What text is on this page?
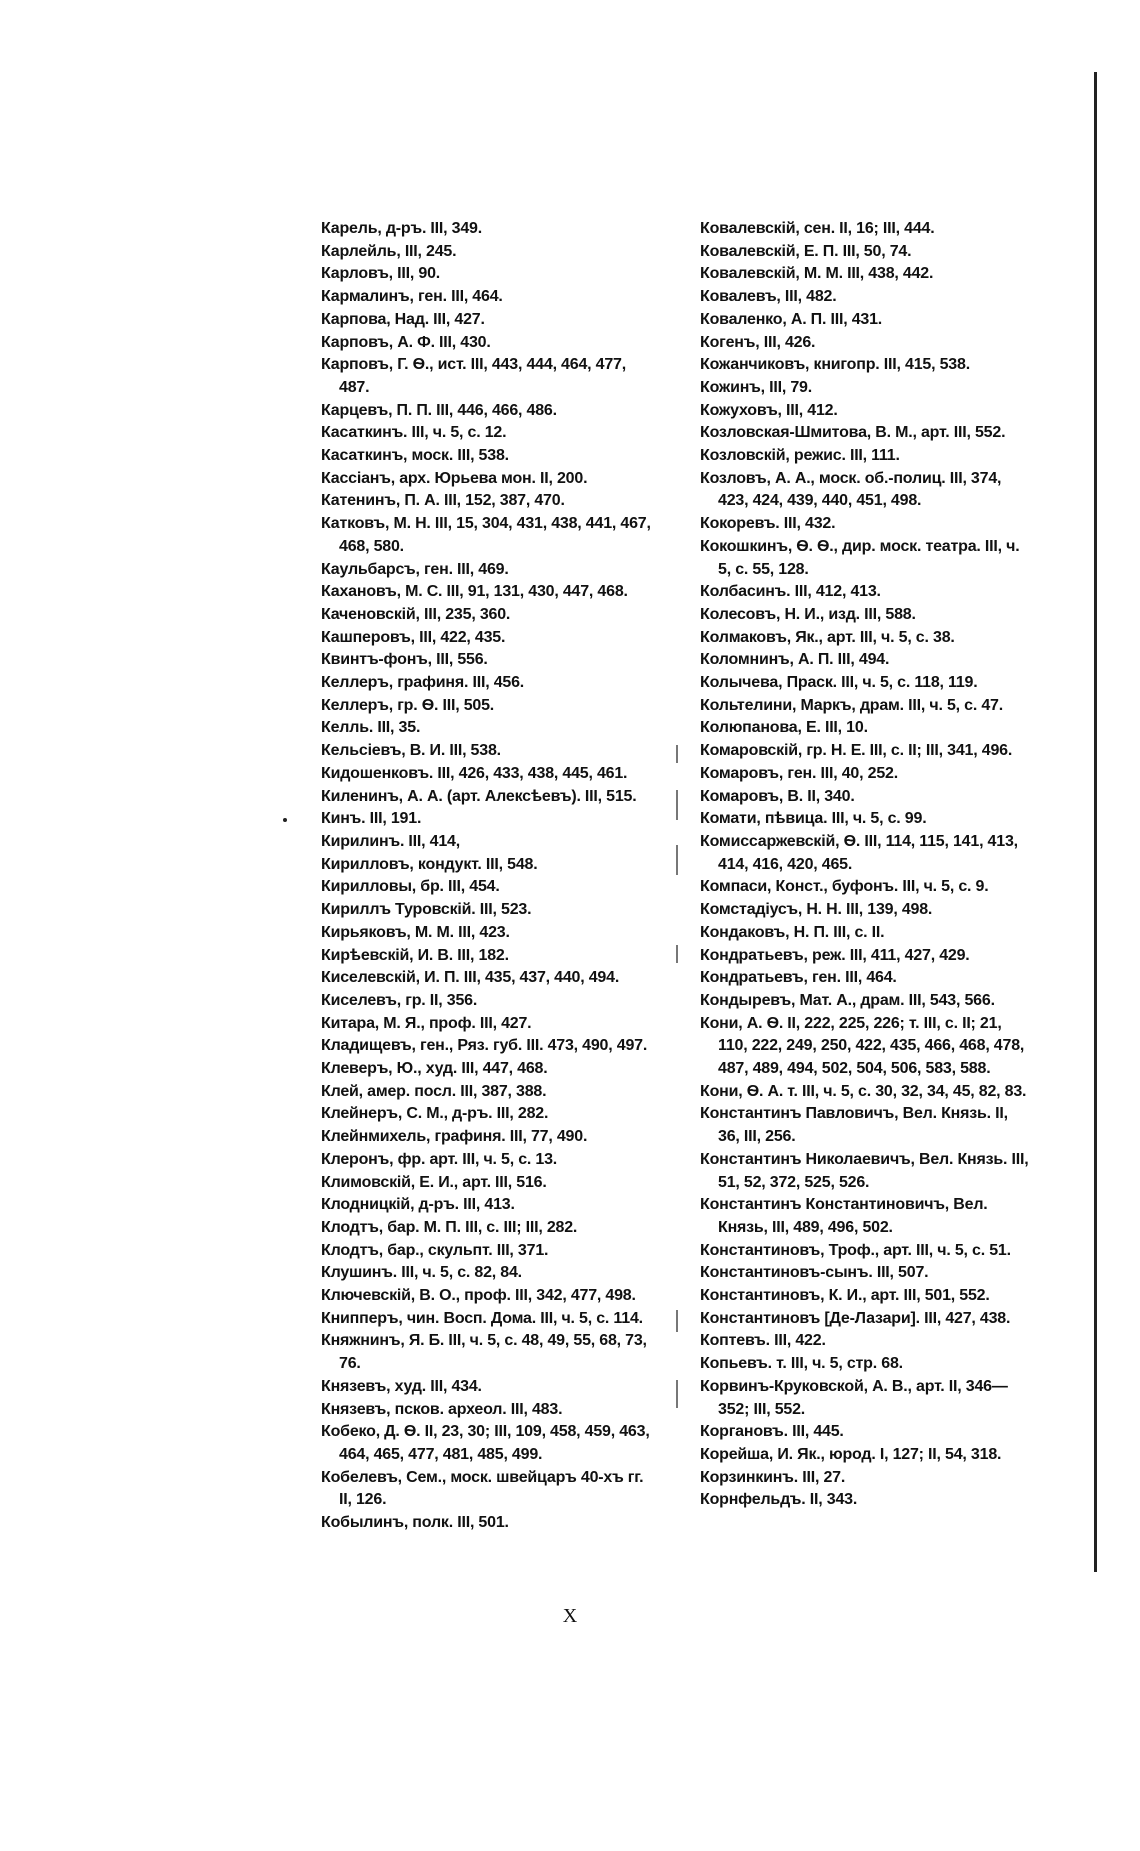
Карель, д-ръ. III, 349.

Карлейль, III, 245.

Карловъ, III, 90.

Кармалинъ, ген. III, 464.

Карпова, Над. III, 427.

Карповъ, А. Ф. III, 430.

Карповъ, Г. Ѳ., ист. III, 443, 444, 464, 477, 487.

Карцевъ, П. П. III, 446, 466, 486.

Касаткинъ. III, ч. 5, с. 12.

Касаткинъ, моск. III, 538.

Кассіанъ, арх. Юрьева мон. II, 200.

Катенинъ, П. А. III, 152, 387, 470.

Катковъ, М. Н. III, 15, 304, 431, 438, 441, 467, 468, 580.

Каульбарсъ, ген. III, 469.

Кахановъ, М. С. III, 91, 131, 430, 447, 468.

Каченовскій, III, 235, 360.

Кашперовъ, III, 422, 435.

Квинтъ-фонъ, III, 556.

Келлеръ, графиня. III, 456.

Келлеръ, гр. Ѳ. III, 505.

Келль. III, 35.

Кельсіевъ, В. И. III, 538.

Кидошенковъ. III, 426, 433, 438, 445, 461.

Киленинъ, А. А. (арт. Алексѣевъ). III, 515.

Кинъ. III, 191.

Кирилинъ. III, 414,

Кирилловъ, кондукт. III, 548.

Кирилловы, бр. III, 454.

Кириллъ Туровскій. III, 523.

Кирьяковъ, М. М. III, 423.

Кирѣевскій, И. В. III, 182.

Киселевскій, И. П. III, 435, 437, 440, 494.

Киселевъ, гр. II, 356.

Китара, М. Я., проф. III, 427.

Кладищевъ, ген., Ряз. губ. III. 473, 490, 497.

Клеверъ, Ю., худ. III, 447, 468.

Клей, амер. посл. III, 387, 388.

Клейнеръ, С. М., д-ръ. III, 282.

Клейнмихель, графиня. III, 77, 490.

Клеронъ, фр. арт. III, ч. 5, с. 13.

Климовскій, Е. И., арт. III, 516.

Клодницкій, д-ръ. III, 413.

Клодтъ, бар. М. П. III, с. III; III, 282.

Клодтъ, бар., скульпт. III, 371.

Клушинъ. III, ч. 5, с. 82, 84.

Ключевскій, В. О., проф. III, 342, 477, 498.

Книпперъ, чин. Восп. Дома. III, ч. 5, с. 114.

Княжнинъ, Я. Б. III, ч. 5, с. 48, 49, 55, 68, 73, 76.

Князевъ, худ. III, 434.

Князевъ, псков. археол. III, 483.

Кобеко, Д. Ѳ. II, 23, 30; III, 109, 458, 459, 463, 464, 465, 477, 481, 485, 499.

Кобелевъ, Сем., моск. швейцаръ 40-хъ гг. II, 126.

Кобылинъ, полк. III, 501.

Ковалевскій, сен. II, 16; III, 444.

Ковалевскій, Е. П. III, 50, 74.

Ковалевскій, М. М. III, 438, 442.

Ковалевъ, III, 482.

Коваленко, А. П. III, 431.

Когенъ, III, 426.

Кожанчиковъ, книгопр. III, 415, 538.

Кожинъ, III, 79.

Кожуховъ, III, 412.

Козловская-Шмитова, В. М., арт. III, 552.

Козловскій, режис. III, 111.

Козловъ, А. А., моск. об.-полиц. III, 374, 423, 424, 439, 440, 451, 498.

Кокоревъ. III, 432.

Кокошкинъ, Ѳ. Ѳ., дир. моск. театра. III, ч. 5, с. 55, 128.

Колбасинъ. III, 412, 413.

Колесовъ, Н. И., изд. III, 588.

Колмаковъ, Як., арт. III, ч. 5, с. 38.

Коломнинъ, А. П. III, 494.

Колычева, Праск. III, ч. 5, с. 118, 119.

Кольтелини, Маркъ, драм. III, ч. 5, с. 47.

Колюпанова, Е. III, 10.

Комаровскій, гр. Н. Е. III, с. II; III, 341, 496.

Комаровъ, ген. III, 40, 252.

Комаровъ, В. II, 340.

Комати, пѣвица. III, ч. 5, с. 99.

Комиссаржевскій, Ѳ. III, 114, 115, 141, 413, 414, 416, 420, 465.

Компаси, Конст., буфонъ. III, ч. 5, с. 9.

Комстадіусъ, Н. Н. III, 139, 498.

Кондаковъ, Н. П. III, с. II.

Кондратьевъ, реж. III, 411, 427, 429.

Кондратьевъ, ген. III, 464.

Кондыревъ, Мат. А., драм. III, 543, 566.

Кони, А. Ѳ. II, 222, 225, 226; т. III, с. II; 21, 110, 222, 249, 250, 422, 435, 466, 468, 478, 487, 489, 494, 502, 504, 506, 583, 588.

Кони, Ѳ. А. т. III, ч. 5, с. 30, 32, 34, 45, 82, 83.

Константинъ Павловичъ, Вел. Князь. II, 36, III, 256.

Константинъ Николаевичъ, Вел. Князь. III, 51, 52, 372, 525, 526.

Константинъ Константиновичъ, Вел. Князь, III, 489, 496, 502.

Константиновъ, Троф., арт. III, ч. 5, с. 51.

Константиновъ-сынъ. III, 507.

Константиновъ, К. И., арт. III, 501, 552.

Константиновъ [Де-Лазари]. III, 427, 438.

Коптевъ. III, 422.

Копьевъ. т. III, ч. 5, стр. 68.

Корвинъ-Круковской, А. В., арт. II, 346—352; III, 552.

Коргановъ. III, 445.

Корейша, И. Як., юрод. I, 127; II, 54, 318.

Корзинкинъ. III, 27.

Корнфельдъ. II, 343.

X
